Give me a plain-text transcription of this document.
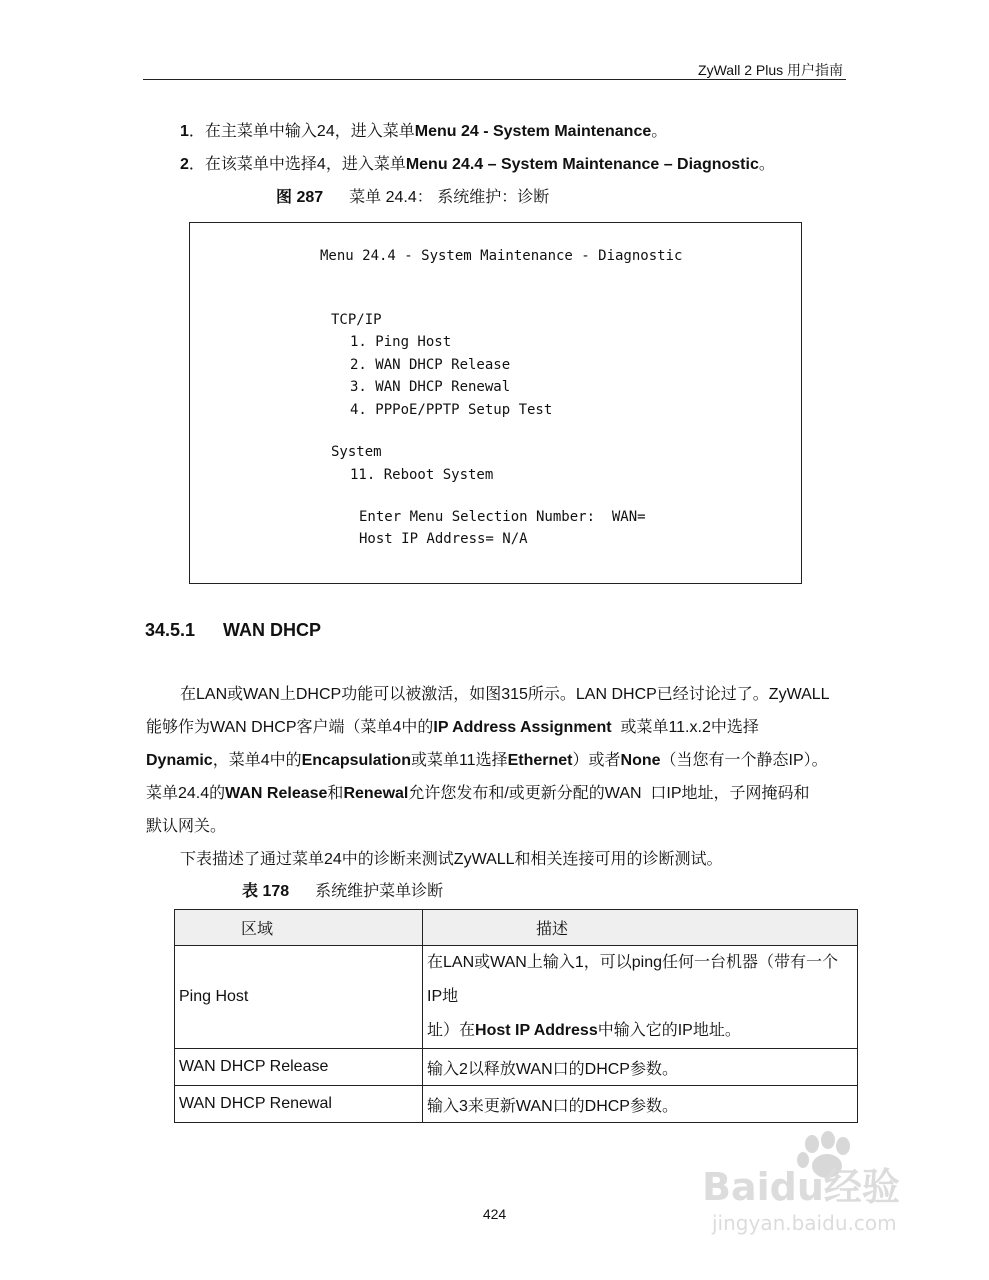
ZyWall 2 Plus 用户指南
1．在主菜单中输入24，进入菜单Menu 24 - System Maintenance。
2．在该菜单中选择4，进入菜单Menu 24.4 – System Maintenance – Diagnostic。
图 287 菜单 24.4： 系统维护：诊断
Menu 24.4 - System Maintenance - Diagnostic
TCP/IP
1. Ping Host
2. WAN DHCP Release
3. WAN DHCP Renewal
4. PPPoE/PPTP Setup Test
System
11. Reboot System
Enter Menu Selection Number:  WAN=
Host IP Address= N/A
34.5.1 WAN DHCP
在LAN或WAN上DHCP功能可以被激活，如图315所示。LAN DHCP已经讨论过了。ZyWALL
能够作为WAN DHCP客户端（菜单4中的IP Address Assignment  或菜单11.x.2中选择
Dynamic，菜单4中的Encapsulation或菜单11选择Ethernet）或者None（当您有一个静态IP）。
菜单24.4的WAN Release和Renewal允许您发布和/或更新分配的WAN  口IP地址，子网掩码和
默认网关。
下表描述了通过菜单24中的诊断来测试ZyWALL和相关连接可用的诊断测试。
表 178 系统维护菜单诊断
区域	描述
Ping Host	在LAN或WAN上输入1，可以ping任何一台机器（带有一个IP地
址）在Host IP Address中输入它的IP地址。

WAN DHCP Release	输入2以释放WAN口的DHCP参数。
WAN DHCP Renewal	输入3来更新WAN口的DHCP参数。
Baidu经验
jingyan.baidu.com
424
